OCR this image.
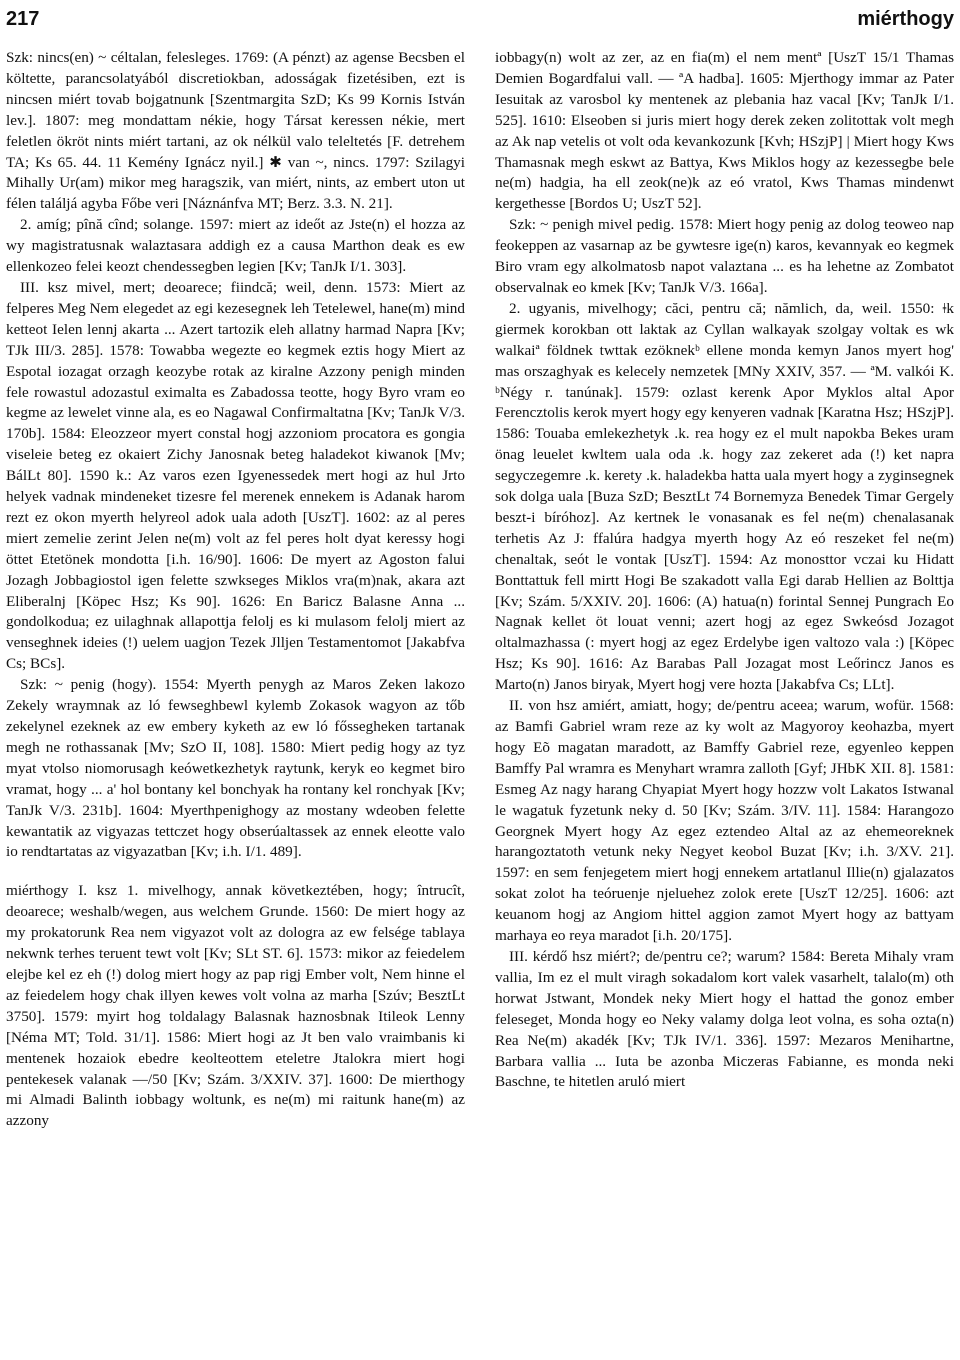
217	miérthogy

Szk: nincs(en) ~ céltalan, felesleges. 1769: (A pénzt) az agense Becsben el költette, parancsolatyából discretiokban, adosságak fizetésiben, ezt is nincsen miért tovab bojgatnunk [Szentmargita SzD; Ks 99 Kornis István lev.]. 1807: meg mondattam nékie, hogy Társat keressen nékie, mert feletlen ökröt nints miért tartani, az ok nélkül valo teleltetés [F. detrehem TA; Ks 65. 44. 11 Kemény Ignácz nyil.] ✱ van ~, nincs. 1797: Szilagyi Mihally Ur(am) mikor meg haragszik, van miért, nints, az embert uton ut félen találjá agyba Főbe veri [Náznánfva MT; Berz. 3.3. N. 21].

2. amíg; pînă cînd; solange. 1597: miert az ideőt az Jste(n) el hozza az wy magistratusnak walaztasara addigh ez a causa Marthon deak es ew ellenkozeo felei keozt chendessegben legien [Kv; TanJk I/1. 303].

III. ksz mivel, mert; deoarece; fiindcă; weil, denn. 1573: Miert az felperes Meg Nem elegedet az egi kezesegnek leh Tetelewel, hane(m) mind ketteot Ielen lennj akarta ... Azert tartozik eleh allatny harmad Napra [Kv; TJk III/3. 285]. 1578: Towabba wegezte eo kegmek eztis hogy Miert az Espotal iozagat orzagh keozybe rotak az kiralne Azzony penigh minden fele rowastul adozastul eximalta es Zabadossa teotte, hogy Byro vram eo kegme az lewelet vinne ala, es eo Nagawal Confirmaltatna [Kv; TanJk V/3. 170b]. 1584: Eleozzeor myert constal hogj azzoniom procatora es gongia viseleie beteg ez okaiert Zichy Janosnak beteg haladekot kiwanok [Mv; BálLt 80]. 1590 k.: Az varos ezen Igyenessedek mert hogi az hul Jrto helyek vadnak mindeneket tizesre fel merenek ennekem is Adanak harom rezt ez okon myerth helyreol adok uala adoth [UszT]. 1602: az al peres miert zemelie zerint Jelen ne(m) volt az fel peres holt dyat keressy hogi öttet Etetönek mondotta [i.h. 16/90]. 1606: De myert az Agoston falui Jozagh Jobbagiostol igen felette szwkseges Miklos vra(m)nak, akara azt Eliberalnj [Köpec Hsz; Ks 90]. 1626: En Baricz Balasne Anna ... gondolkodua; ez uilaghnak allapottja felolj es ki mulasom felolj miert az venseghnek ideies (!) uelem uagjon Tezek Jlljen Testamentomot [Jakabfva Cs; BCs].

Szk: ~ penig (hogy). 1554: Myerth penygh az Maros Zeken lakozo Zekely wraymnak az ló fewseghbewl kylemb Zokasok wagyon az tőb zekelynel ezeknek az ew embery kyketh az ew ló főssegheken tartanak megh ne rothassanak [Mv; SzO II, 108]. 1580: Miert pedig hogy az tyz myat vtolso niomorusagh keówetkezhetyk raytunk, keryk eo kegmet biro vramat, hogy ... a' hol bontany kel bonchyak ha rontany kel ronchyak [Kv; TanJk V/3. 231b]. 1604: Myerthpenighogy az mostany wdeoben felette kewantatik az vigyazas tettczet hogy obserúaltassek az ennek eleotte valo io rendtartatas az vigyazatban [Kv; i.h. I/1. 489].

miérthogy I. ksz 1. mivelhogy, annak következtében, hogy; întrucît, deoarece; weshalb/wegen, aus welchem Grunde. 1560: De miert hogy az my prokatorunk Rea nem vigyazot volt az dologra az ew felsége tablaya nekwnk terhes teruent tewt volt [Kv; SLt ST. 6]. 1573: mikor az feiedelem elejbe kel ez eh (!) dolog miert hogy az pap rigj Ember volt, Nem hinne el az feiedelem hogy chak illyen kewes volt volna az marha [Szúv; BesztLt 3750]. 1579: myirt hog toldalagy Balasnak haznosbnak Itileok Lenny [Néma MT; Told. 31/1]. 1586: Miert hogi az Jt ben valo vraimbanis ki mentenek hozaiok ebedre keolteottem eteletre Jtalokra miert hogi pentekesek valanak —/50 [Kv; Szám. 3/XXIV. 37]. 1600: De mierthogy mi Almadi Balinth iobbagy woltunk, es ne(m) mi raitunk hane(m) az azzony

iobbagy(n) wolt az zer, az en fia(m) el nem mentª [UszT 15/1 Thamas Demien Bogardfalui vall. — ªA hadba]. 1605: Mjerthogy immar az Pater Iesuitak az varosbol ky mentenek az plebania haz vacal [Kv; TanJk I/1. 525]. 1610: Elseoben si juris miert hogy derek zeken zolitottak volt megh az Ak nap vetelis ot volt oda kevankozunk [Kvh; HSzjP] | Miert hogy Kws Thamasnak megh eskwt az Battya, Kws Miklos hogy az kezessegbe bele ne(m) hadgia, ha ell zeok(ne)k az eó vratol, Kws Thamas mindenwt kergethesse [Bordos U; UszT 52].

Szk: ~ penigh mivel pedig. 1578: Miert hogy penig az dolog teoweo nap feokeppen az vasarnap az be gywtesre ige(n) karos, kevannyak eo kegmek Biro vram egy alkolmatosb napot valaztana ... es ha lehetne az Zombatot observalnak eo kmek [Kv; TanJk V/3. 166a].

2. ugyanis, mivelhogy; căci, pentru că; nămlich, da, weil. 1550: ǂk giermek korokban ott laktak az Cyllan walkayak szolgay voltak es wk walkaiª földnek twttak ezöknekᵇ ellene monda kemyn Janos myert hog' mas orszaghyak es kelecely nemzetek [MNy XXIV, 357. — ªM. valkói K. ᵇNégy r. tanúnak]. 1579: ozlast kerenk Apor Myklos altal Apor Ferencztolis kerok myert hogy egy kenyeren vadnak [Karatna Hsz; HSzjP]. 1586: Touaba emlekezhetyk .k. rea hogy ez el mult napokba Bekes uram önag leuelet kwltem uala oda .k. hogy zaz zekeret ada (!) ket napra segyczegemre .k. kerety .k. haladekba hatta uala myert hogy a zyginsegnek sok dolga uala [Buza SzD; BesztLt 74 Bornemyza Benedek Timar Gergely beszt-i bíróhoz]. Az kertnek le vonasanak es fel ne(m) chenalasanak terhetis Az J: ffalúra hadgya myerth hogy Az eó reszeket fel ne(m) chenaltak, seót le vontak [UszT]. 1594: Az monosttor vczai ku Hidatt Bonttattuk fell mirtt Hogi Be szakadott valla Egi darab Hellien az Bolttja [Kv; Szám. 5/XXIV. 20]. 1606: (A) hatua(n) forintal Sennej Pungrach Eo Nagnak kellet öt louat venni; azert hogj az egez Swkeósd Jozagot oltalmazhassa (: myert hogj az egez Erdelybe igen valtozo vala :) [Köpec Hsz; Ks 90]. 1616: Az Barabas Pall Jozagat most Leőrincz Janos es Marto(n) Janos biryak, Myert hogj vere hozta [Jakabfva Cs; LLt].

II. von hsz amiért, amiatt, hogy; de/pentru aceea; warum, wofür. 1568: az Bamfi Gabriel wram reze az ky wolt az Magyoroy keohazba, myert hogy Eõ magatan maradott, az Bamffy Gabriel reze, egyenleo keppen Bamffy Pal wramra es Menyhart wramra zalloth [Gyf; JHbK XII. 8]. 1581: Esmeg Az nagy harang Chyapiat Myert hogy hozzw volt Lakatos Istwanal le wagatuk fyzetunk neky d. 50 [Kv; Szám. 3/IV. 11]. 1584: Harangozo Georgnek Myert hogy Az egez eztendeo Altal az az ehemeoreknek harangoztatoth vetunk neky Negyet keobol Buzat [Kv; i.h. 3/XV. 21]. 1597: en sem fenjegetem miert hogj ennekem artatlanul Illie(n) gjalazatos sokat zolot ha teóruenje njeluehez zolok erete [UszT 12/25]. 1606: azt keuanom hogj az Angiom hittel aggion zamot Myert hogy az battyam marhaya eo reya maradot [i.h. 20/175].

III. kérdő hsz miért?; de/pentru ce?; warum? 1584: Bereta Mihaly vram vallia, Im ez el mult viragh sokadalom kort valek vasarhelt, talalo(m) oth horwat Jstwant, Mondek neky Miert hogy el hattad the gonoz ember feleseget, Monda hogy eo Neky valamy dolga leot volna, es soha ozta(n) Rea Ne(m) akadék [Kv; TJk IV/1. 336]. 1597: Mezaros Menihartne, Barbara vallia ... Iuta be azonba Miczeras Fabianne, es monda neki Baschne, te hitetlen aruló miert
